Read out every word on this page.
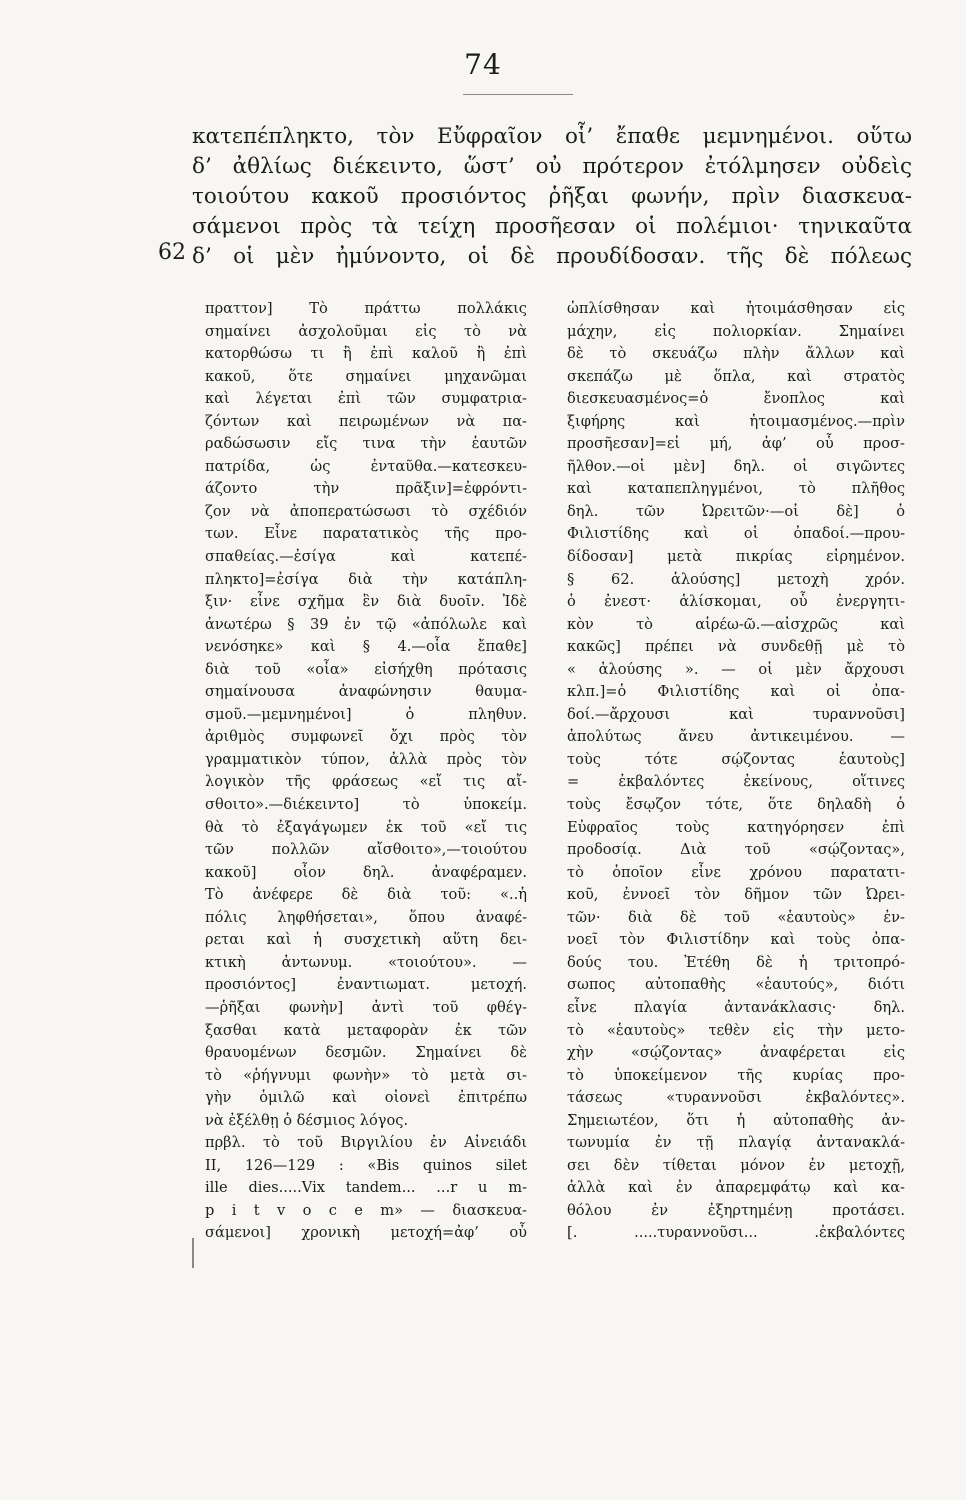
74
62
κατεπέπληκτο, τὸν Εὔφραῖον οἷ’ ἔπαθε μεμνημένοι. οὕτω
δ’ ἀθλίως διέκειντο, ὥστ’ οὐ πρότερον ἐτόλμησεν οὐδεὶς
τοιούτου κακοῦ προσιόντος ῥῆξαι φωνήν, πρὶν διασκευα-
σάμενοι πρὸς τὰ τείχη προσῆεσαν οἱ πολέμιοι· τηνικαῦτα
δ’ οἱ μὲν ἠμύνοντο, οἱ δὲ προυδίδοσαν. τῆς δὲ πόλεως
πραττον] Τὸ πράττω πολλάκις
σημαίνει ἀσχολοῦμαι εἰς τὸ νὰ
κατορθώσω τι ἢ ἐπὶ καλοῦ ἢ ἐπὶ
κακοῦ, ὅτε σημαίνει μηχανῶμαι
καὶ λέγεται ἐπὶ τῶν συμφατρια-
ζόντων καὶ πειρωμένων νὰ πα-
ραδώσωσιν εἴς τινα τὴν ἑαυτῶν
πατρίδα, ὡς ἐνταῦθα.—κατεσκευ-
άζοντο τὴν πρᾶξιν]=ἐφρόντι-
ζον νὰ ἀποπερατώσωσι τὸ σχέδιόν
των. Εἶνε παρατατικὸς τῆς προ-
σπαθείας.—ἐσίγα καὶ κατεπέ-
πληκτο]=ἐσίγα διὰ τὴν κατάπλη-
ξιν· εἶνε σχῆμα ἓν διὰ δυοῖν. Ἰδὲ
ἀνωτέρω § 39 ἐν τῷ «ἀπόλωλε καὶ
νενόσηκε» καὶ § 4.—οἷα ἔπαθε]
διὰ τοῦ «οἷα» εἰσήχθη πρότασις
σημαίνουσα ἀναφώνησιν θαυμα-
σμοῦ.—μεμνημένοι] ὁ πληθυν.
ἀριθμὸς συμφωνεῖ ὄχι πρὸς τὸν
γραμματικὸν τύπον, ἀλλὰ πρὸς τὸν
λογικὸν τῆς φράσεως «εἴ τις αἴ-
σθοιτο».—διέκειντο] τὸ ὑποκείμ.
θὰ τὸ ἐξαγάγωμεν ἐκ τοῦ «εἴ τις
τῶν πολλῶν αἴσθοιτο»,—τοιούτου
κακοῦ] οἷον δηλ. ἀναφέραμεν.
Τὸ ἀνέφερε δὲ διὰ τοῦ: «..ἡ
πόλις ληφθήσεται», ὅπου ἀναφέ-
ρεται καὶ ἡ συσχετικὴ αὕτη δει-
κτικὴ ἀντωνυμ. «τοιούτου». —
προσιόντος] ἐναντιωματ. μετοχή.
—ῥῆξαι φωνὴν] ἀντὶ τοῦ φθέγ-
ξασθαι κατὰ μεταφορὰν ἐκ τῶν
θραυομένων δεσμῶν. Σημαίνει δὲ
τὸ «ῥήγνυμι φωνὴν» τὸ μετὰ σι-
γὴν ὁμιλῶ καὶ οἱονεὶ ἐπιτρέπω
νὰ ἐξέλθῃ ὁ δέσμιος λόγος.
πρβλ. τὸ τοῦ Βιργιλίου ἐν Αἰνειάδι
II, 126—129 : «Bis quinos silet
ille dies.....Vix tandem... ...r u m-
p i t v o c e m» — διασκευα-
σάμενοι] χρονικὴ μετοχή=ἀφ’ οὗ
ὡπλίσθησαν καὶ ἡτοιμάσθησαν εἰς
μάχην, εἰς πολιορκίαν. Σημαίνει
δὲ τὸ σκευάζω πλὴν ἄλλων καὶ
σκεπάζω μὲ ὅπλα, καὶ στρατὸς
διεσκευασμένος=ὁ ἔνοπλος καὶ
ξιφήρης καὶ ἡτοιμασμένος.—πρὶν
προσῆεσαν]=εἰ μή, ἀφ’ οὗ προσ-
ῆλθον.—οἱ μὲν] δηλ. οἱ σιγῶντες
καὶ καταπεπληγμένοι, τὸ πλῆθος
δηλ. τῶν Ὠρειτῶν·—οἱ δὲ] ὁ
Φιλιστίδης καὶ οἱ ὀπαδοί.—πρου-
δίδοσαν] μετὰ πικρίας εἰρημένον.
§ 62. ἁλούσης] μετοχὴ χρόν.
ὁ ἐνεστ· ἁλίσκομαι, οὗ ἐνεργητι-
κὸν τὸ αἱρέω-ῶ.—αἰσχρῶς καὶ
κακῶς] πρέπει νὰ συνδεθῇ μὲ τὸ
« ἁλούσης ». — οἱ μὲν ἄρχουσι
κλπ.]=ὁ Φιλιστίδης καὶ οἱ ὀπα-
δοί.—ἄρχουσι καὶ τυραννοῦσι]
ἀπολύτως ἄνευ ἀντικειμένου. —
τοὺς τότε σῴζοντας ἑαυτοὺς]
= ἐκβαλόντες ἐκείνους, οἵτινες
τοὺς ἔσῳζον τότε, ὅτε δηλαδὴ ὁ
Εὐφραῖος τοὺς κατηγόρησεν ἐπὶ
προδοσίᾳ. Διὰ τοῦ «σῴζοντας»,
τὸ ὁποῖον εἶνε χρόνου παρατατι-
κοῦ, ἐννοεῖ τὸν δῆμον τῶν Ὠρει-
τῶν· διὰ δὲ τοῦ «ἑαυτοὺς» ἐν-
νοεῖ τὸν Φιλιστίδην καὶ τοὺς ὀπα-
δούς του. Ἑτέθη δὲ ἡ τριτοπρό-
σωπος αὐτοπαθὴς «ἑαυτούς», διότι
εἶνε πλαγία ἀντανάκλασις· δηλ.
τὸ «ἑαυτοὺς» τεθὲν εἰς τὴν μετο-
χὴν «σῴζοντας» ἀναφέρεται εἰς
τὸ ὑποκείμενον τῆς κυρίας προ-
τάσεως «τυραννοῦσι ἐκβαλόντες».
Σημειωτέον, ὅτι ἡ αὐτοπαθὴς ἀν-
τωνυμία ἐν τῇ πλαγίᾳ ἀντανακλά-
σει δὲν τίθεται μόνον ἐν μετοχῇ,
ἀλλὰ καὶ ἐν ἀπαρεμφάτῳ καὶ κα-
θόλου ἐν ἐξηρτημένῃ προτάσει.
[. .....τυραννοῦσι... .ἐκβαλόντες
